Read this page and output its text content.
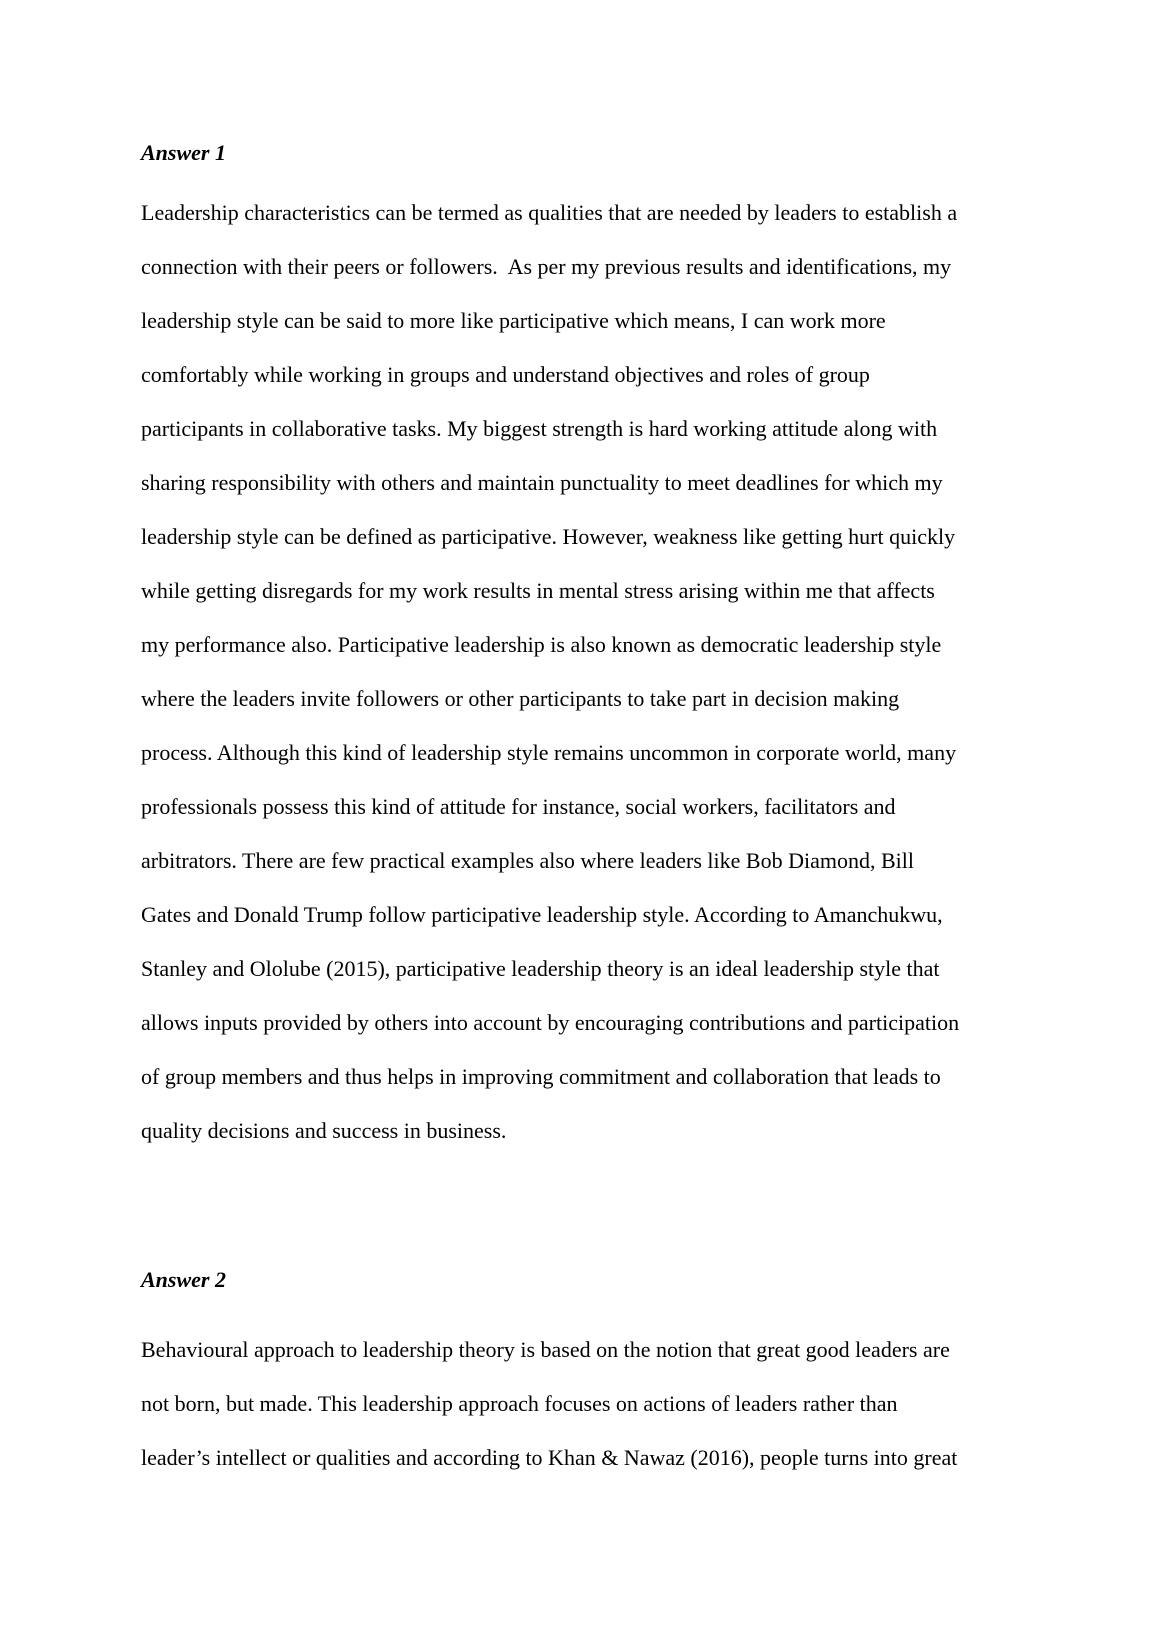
Answer 1
Leadership characteristics can be termed as qualities that are needed by leaders to establish a
connection with their peers or followers.  As per my previous results and identifications, my
leadership style can be said to more like participative which means, I can work more
comfortably while working in groups and understand objectives and roles of group
participants in collaborative tasks. My biggest strength is hard working attitude along with
sharing responsibility with others and maintain punctuality to meet deadlines for which my
leadership style can be defined as participative. However, weakness like getting hurt quickly
while getting disregards for my work results in mental stress arising within me that affects
my performance also. Participative leadership is also known as democratic leadership style
where the leaders invite followers or other participants to take part in decision making
process. Although this kind of leadership style remains uncommon in corporate world, many
professionals possess this kind of attitude for instance, social workers, facilitators and
arbitrators. There are few practical examples also where leaders like Bob Diamond, Bill
Gates and Donald Trump follow participative leadership style. According to Amanchukwu,
Stanley and Ololube (2015), participative leadership theory is an ideal leadership style that
allows inputs provided by others into account by encouraging contributions and participation
of group members and thus helps in improving commitment and collaboration that leads to
quality decisions and success in business.
Answer 2
Behavioural approach to leadership theory is based on the notion that great good leaders are
not born, but made. This leadership approach focuses on actions of leaders rather than
leader’s intellect or qualities and according to Khan & Nawaz (2016), people turns into great
